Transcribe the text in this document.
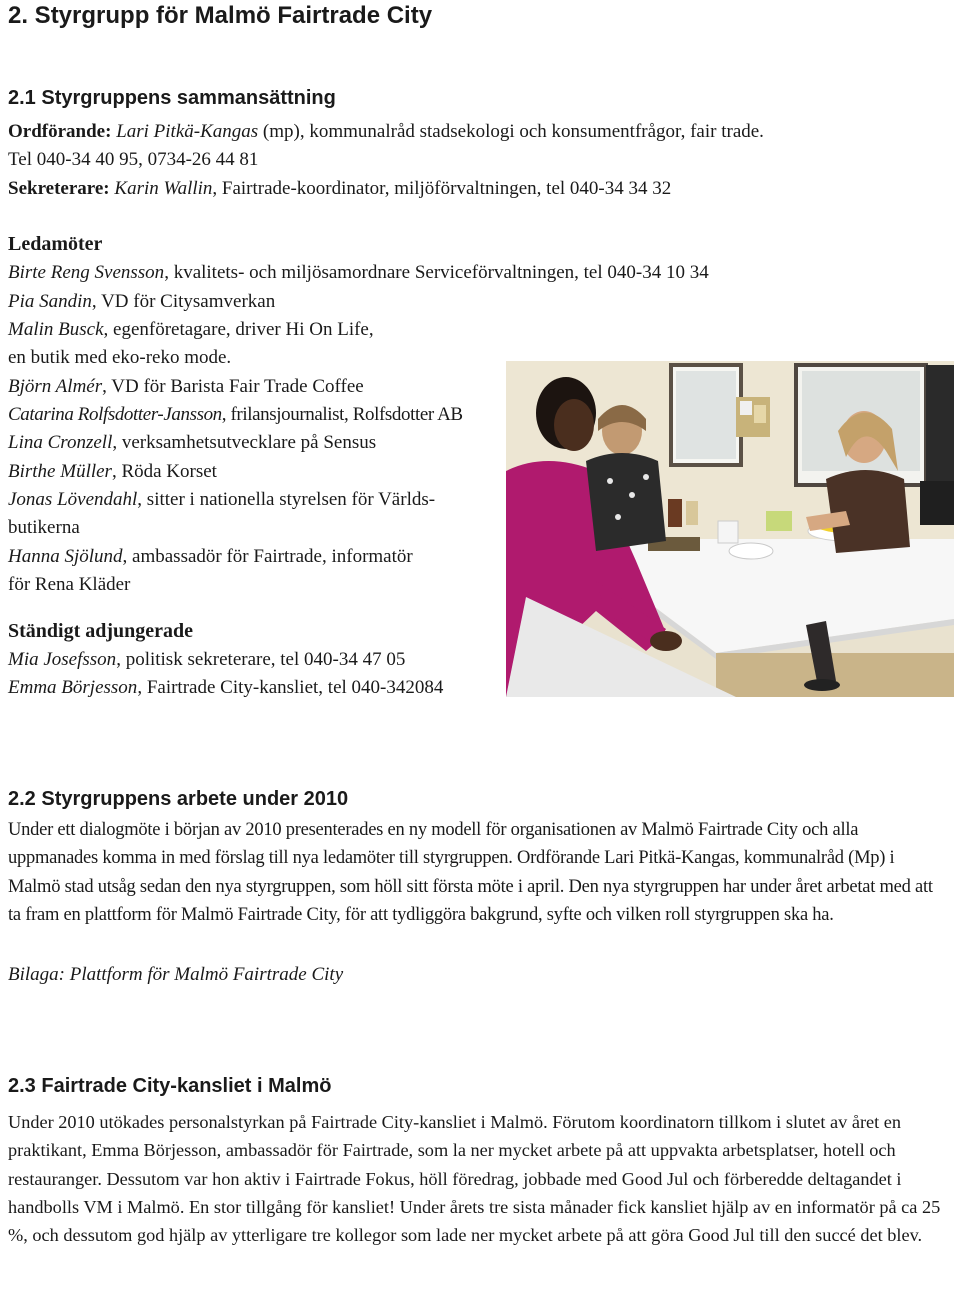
2. Styrgrupp för Malmö Fairtrade City
2.1 Styrgruppens sammansättning
Ordförande: Lari Pitkä-Kangas (mp), kommunalråd stadsekologi och konsumentfrågor, fair trade.
Tel 040-34 40 95, 0734-26 44 81
Sekreterare: Karin Wallin, Fairtrade-koordinator, miljöförvaltningen, tel 040-34 34 32
Ledamöter
Birte Reng Svensson, kvalitets- och miljösamordnare Serviceförvaltningen, tel 040-34 10 34
Pia Sandin, VD för Citysamverkan
Malin Busck, egenföretagare, driver Hi On Life,
en butik med eko-reko mode.
Björn Almér, VD för Barista Fair Trade Coffee
Catarina Rolfsdotter-Jansson, frilansjournalist, Rolfsdotter AB
Lina Cronzell, verksamhetsutvecklare på Sensus
Birthe Müller, Röda Korset
Jonas Lövendahl, sitter i nationella styrelsen för Världs-
butikerna
Hanna Sjölund, ambassadör för Fairtrade, informatör
för Rena Kläder
Ständigt adjungerade
Mia Josefsson, politisk sekreterare, tel 040-34 47 05
Emma Börjesson, Fairtrade City-kansliet, tel 040-342084
2.2 Styrgruppens arbete under 2010

Under ett dialogmöte i början av 2010 presenterades en ny modell för organisationen av Malmö Fairtrade City och alla uppmanades komma in med förslag till nya ledamöter till styrgruppen. Ordförande Lari Pitkä-Kangas, kommunalråd (Mp) i Malmö stad utsåg sedan den nya styrgruppen, som höll sitt första möte i april. Den nya styrgruppen har under året arbetat med att ta fram en plattform för Malmö Fairtrade City, för att tydliggöra bakgrund, syfte och vilken roll styrgruppen ska ha.

Bilaga: Plattform för Malmö Fairtrade City
2.3 Fairtrade City-kansliet i Malmö

Under 2010 utökades personalstyrkan på Fairtrade City-kansliet i Malmö. Förutom koordinatorn tillkom i slutet av året en praktikant, Emma Börjesson, ambassadör för Fairtrade, som la ner mycket arbete på att uppvakta arbetsplatser, hotell och restauranger. Dessutom var hon aktiv i Fairtrade Fokus, höll föredrag, jobbade med Good Jul och förberedde deltagandet i handbolls VM i Malmö. En stor tillgång för kansliet! Under årets tre sista månader fick kansliet hjälp av en informatör på ca 25 %, och dessutom god hjälp av ytterligare tre kollegor som lade ner mycket arbete på att göra Good Jul till den succé det blev.
